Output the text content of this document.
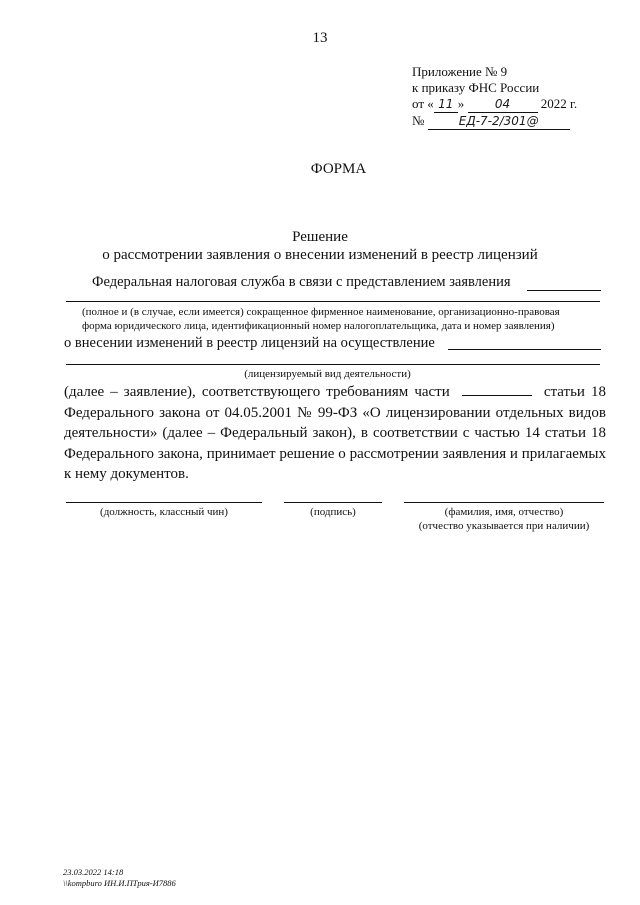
13
Приложение № 9
к приказу ФНС России
от « 11 »	04 2022 г.
№	ЕД-7-2/301@
ФОРМА
Решение
о рассмотрении заявления о внесении изменений в реестр лицензий
Федеральная налоговая служба в связи с представлением заявления
(полное и (в случае, если имеется) сокращенное фирменное наименование, организационно-правовая
форма юридического лица, идентификационный номер налогоплательщика, дата и номер заявления)
о внесении изменений в реестр лицензий на осуществление
(лицензируемый вид деятельности)
(далее – заявление), соответствующего требованиям части	статьи 18 Федерального закона от 04.05.2001 № 99-ФЗ «О лицензировании отдельных видов деятельности» (далее – Федеральный закон), в соответствии с частью 14 статьи 18 Федерального закона, принимает решение о рассмотрении заявления и прилагаемых к нему документов.
(должность, классный чин)	(подпись)	(фамилия, имя, отчество)
(отчество указывается при наличии)
23.03.2022 14:18
\\kompburo ИН.И.ПТрия-И7886
